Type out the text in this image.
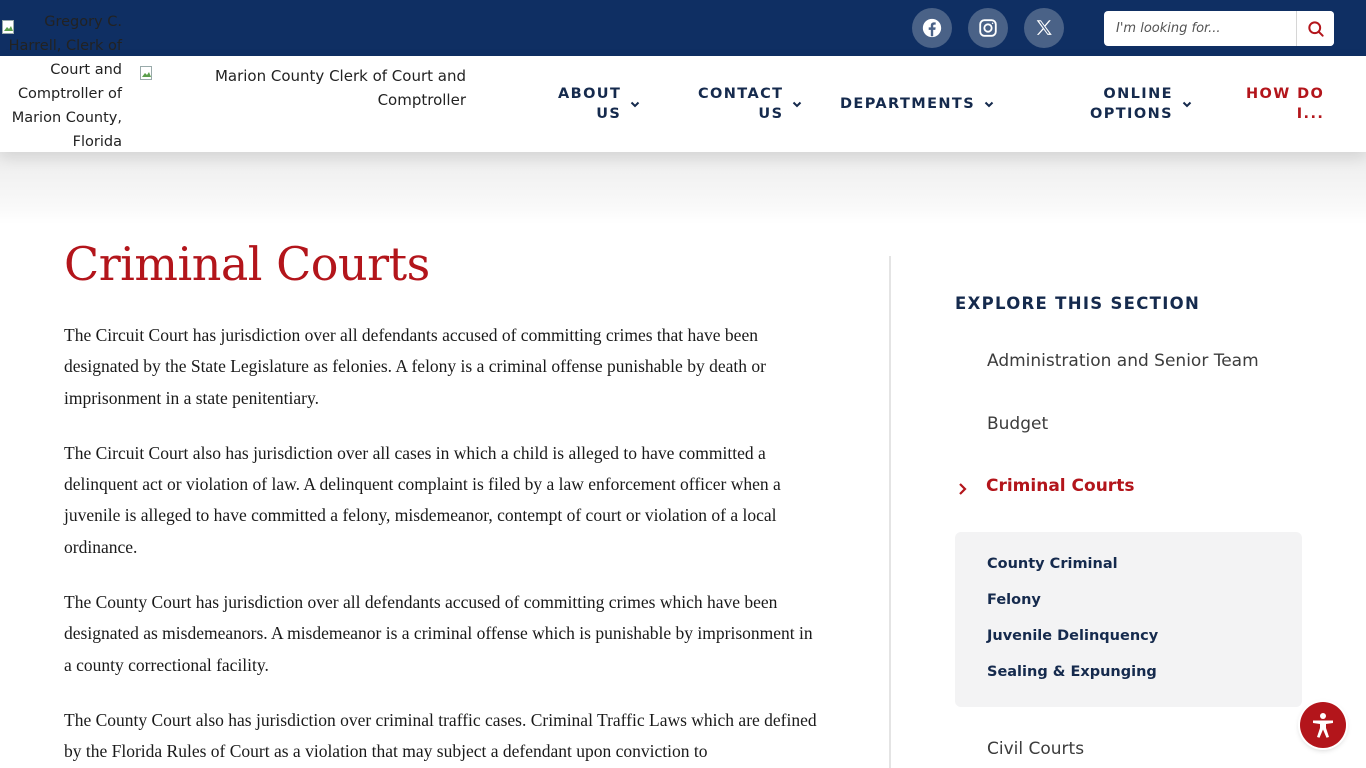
I'm looking for...
Gregory C. Harrell, Clerk of Court and Comptroller of Marion County, Florida
Marion County Clerk of Court and Comptroller	ABOUT
US
CONTACT
US
DEPARTMENTS
ONLINE
OPTIONS
HOW DO
I...
Criminal Courts

The Circuit Court has jurisdiction over all defendants accused of committing crimes that have been designated by the State Legislature as felonies. A felony is a criminal offense punishable by death or imprisonment in a state penitentiary.

The Circuit Court also has jurisdiction over all cases in which a child is alleged to have committed a delinquent act or violation of law. A delinquent complaint is filed by a law enforcement officer when a juvenile is alleged to have committed a felony, misdemeanor, contempt of court or violation of a local ordinance.

The County Court has jurisdiction over all defendants accused of committing crimes which have been designated as misdemeanors. A misdemeanor is a criminal offense which is punishable by imprisonment in a county correctional facility.

The County Court also has jurisdiction over criminal traffic cases. Criminal Traffic Laws which are defined by the Florida Rules of Court as a violation that may subject a defendant upon conviction to

EXPLORE THIS SECTION
Administration and Senior Team
Budget
Criminal Courts
County Criminal
Felony
Juvenile Delinquency
Sealing & Expunging
Civil Courts
